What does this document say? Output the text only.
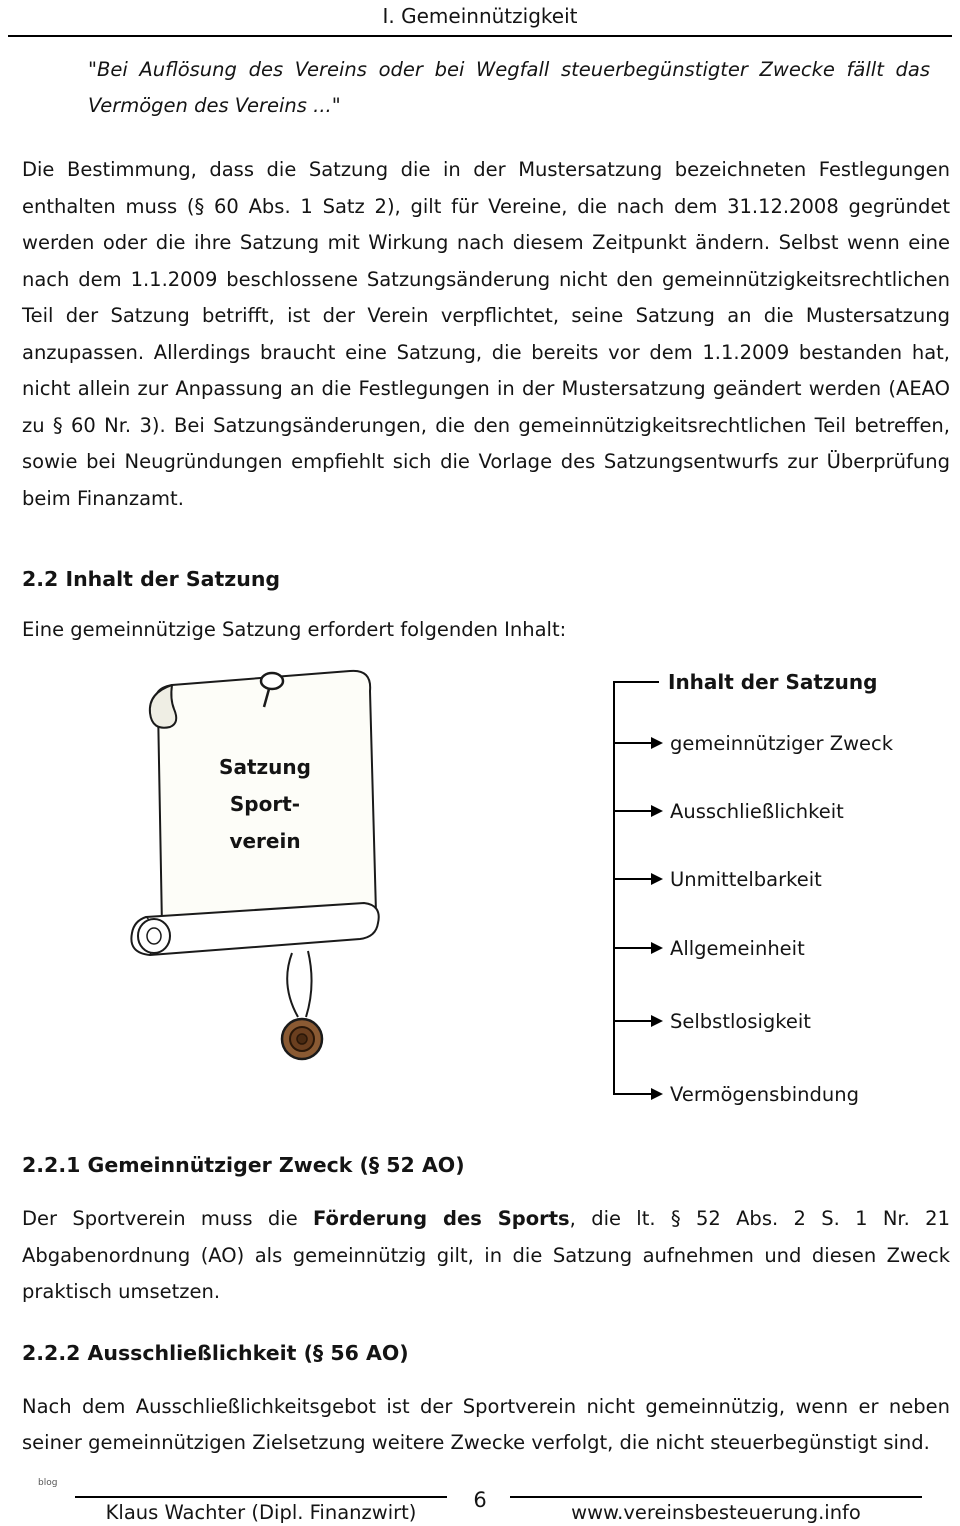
I. Gemeinnützigkeit
"Bei Auflösung des Vereins oder bei Wegfall steuerbegünstigter Zwecke fällt das Vermögen des Vereins ..."
Die Bestimmung, dass die Satzung die in der Mustersatzung bezeichneten Festlegungen enthalten muss (§ 60 Abs. 1 Satz 2), gilt für Vereine, die nach dem 31.12.2008 gegründet werden oder die ihre Satzung mit Wirkung nach diesem Zeitpunkt ändern. Selbst wenn eine nach dem 1.1.2009 beschlossene Satzungsänderung nicht den gemeinnützigkeitsrechtlichen Teil der Satzung betrifft, ist der Verein verpflichtet, seine Satzung an die Mustersatzung anzupassen. Allerdings braucht eine Satzung, die bereits vor dem 1.1.2009 bestanden hat, nicht allein zur Anpassung an die Festlegungen in der Mustersatzung geändert werden (AEAO zu § 60 Nr. 3). Bei Satzungsänderungen, die den gemeinnützigkeitsrechtlichen Teil betreffen, sowie bei Neugründungen empfiehlt sich die Vorlage des Satzungsentwurfs zur Überprüfung beim Finanzamt.
2.2 Inhalt der Satzung
Eine gemeinnützige Satzung erfordert folgenden Inhalt:
Satzung
Sport-
verein
Inhalt der Satzung
gemeinnütziger Zweck
Ausschließlichkeit
Unmittelbarkeit
Allgemeinheit
Selbstlosigkeit
Vermögensbindung
2.2.1 Gemeinnütziger Zweck (§ 52 AO)
Der Sportverein muss die Förderung des Sports, die lt. § 52 Abs. 2 S. 1 Nr. 21 Abgabenordnung (AO) als gemeinnützig gilt, in die Satzung aufnehmen und diesen Zweck praktisch umsetzen.
2.2.2 Ausschließlichkeit (§ 56 AO)
Nach dem Ausschließlichkeitsgebot ist der Sportverein nicht gemeinnützig, wenn er neben seiner gemeinnützigen Zielsetzung weitere Zwecke verfolgt, die nicht steuerbegünstigt sind.
blog
6
Klaus Wachter (Dipl. Finanzwirt)	www.vereinsbesteuerung.info
